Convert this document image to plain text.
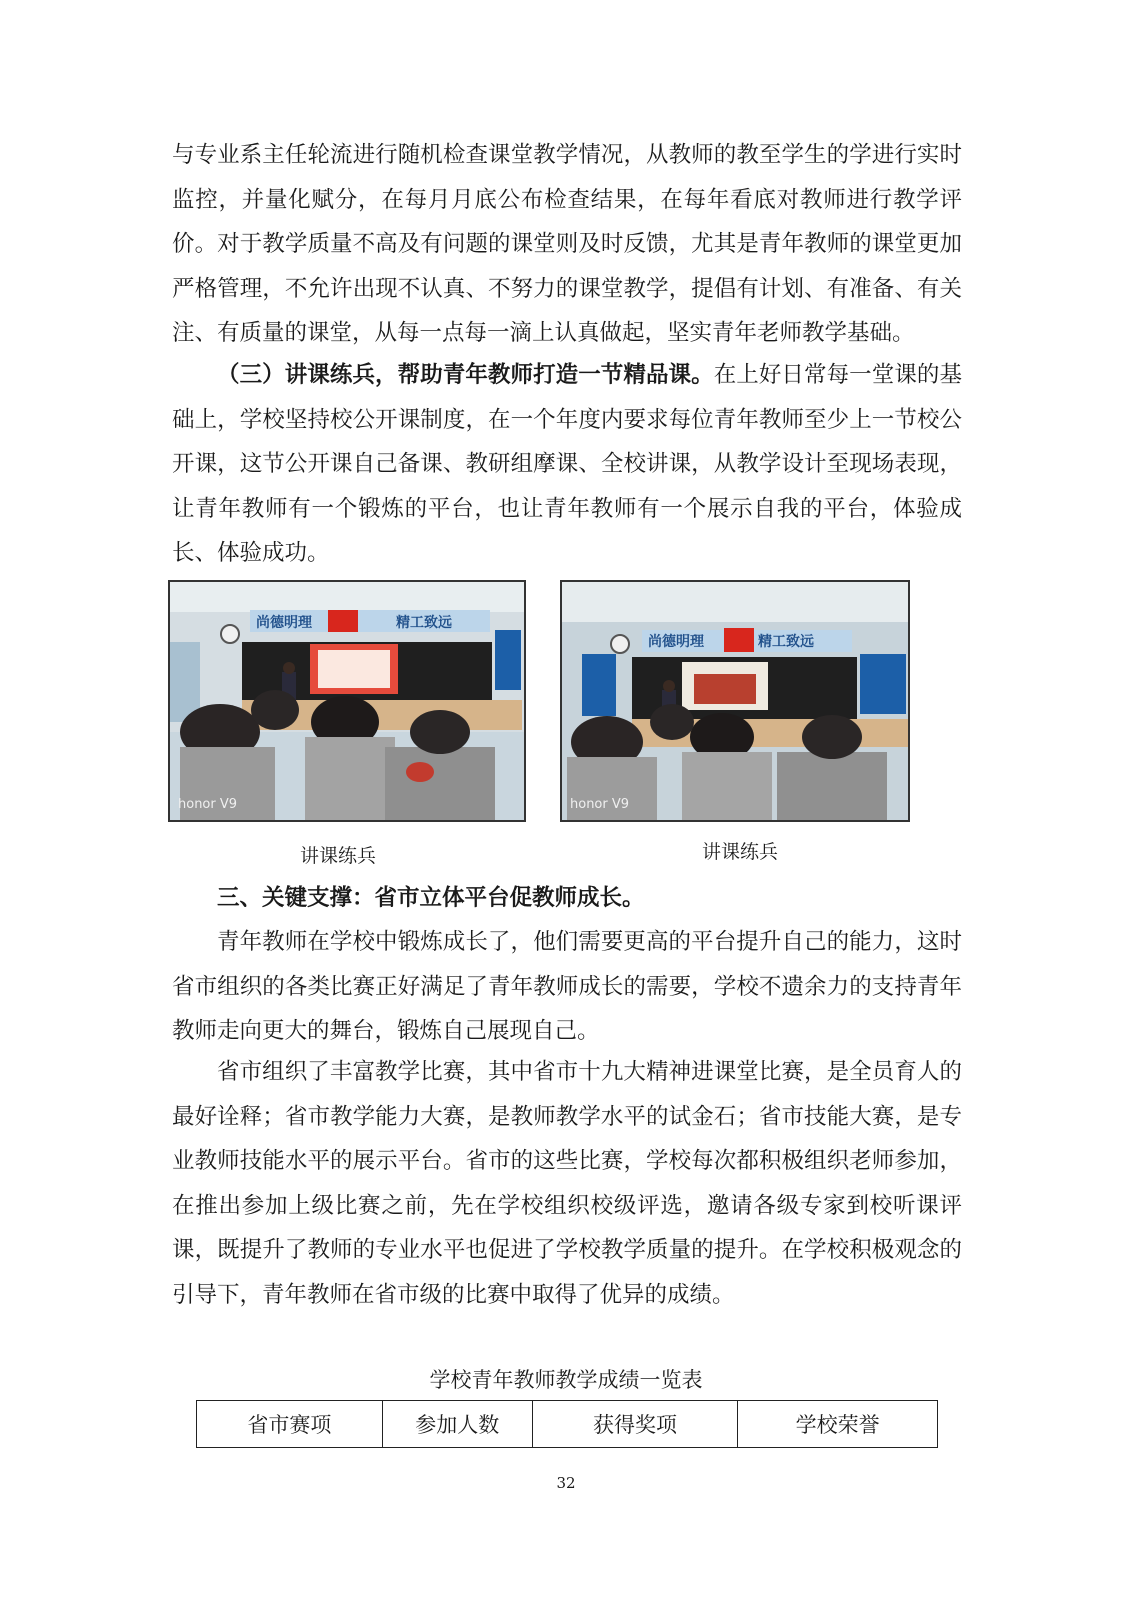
与专业系主任轮流进行随机检查课堂教学情况，从教师的教至学生的学进行实时监控，并量化赋分，在每月月底公布检查结果，在每年看底对教师进行教学评价。对于教学质量不高及有问题的课堂则及时反馈，尤其是青年教师的课堂更加严格管理，不允许出现不认真、不努力的课堂教学，提倡有计划、有准备、有关注、有质量的课堂，从每一点每一滴上认真做起，坚实青年老师教学基础。

（三）讲课练兵，帮助青年教师打造一节精品课。在上好日常每一堂课的基础上，学校坚持校公开课制度，在一个年度内要求每位青年教师至少上一节校公开课，这节公开课自己备课、教研组摩课、全校讲课，从教学设计至现场表现，让青年教师有一个锻炼的平台，也让青年教师有一个展示自我的平台，体验成长、体验成功。

尚德明理	精工致远
honor V9
尚德明理	精工致远
honor V9
讲课练兵	讲课练兵

三、关键支撑：省市立体平台促教师成长。

青年教师在学校中锻炼成长了，他们需要更高的平台提升自己的能力，这时省市组织的各类比赛正好满足了青年教师成长的需要，学校不遗余力的支持青年教师走向更大的舞台，锻炼自己展现自己。

省市组织了丰富教学比赛，其中省市十九大精神进课堂比赛，是全员育人的最好诠释；省市教学能力大赛，是教师教学水平的试金石；省市技能大赛，是专业教师技能水平的展示平台。省市的这些比赛，学校每次都积极组织老师参加，在推出参加上级比赛之前，先在学校组织校级评选，邀请各级专家到校听课评课，既提升了教师的专业水平也促进了学校教学质量的提升。在学校积极观念的引导下，青年教师在省市级的比赛中取得了优异的成绩。

学校青年教师教学成绩一览表
省市赛项	参加人数	获得奖项	学校荣誉
32
